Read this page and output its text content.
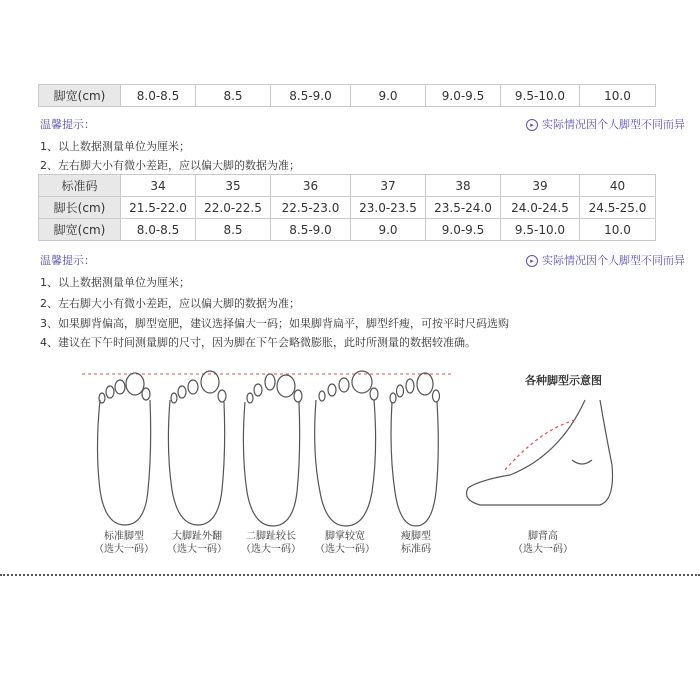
脚宽(cm)	8.0-8.5	8.5	8.5-9.0	9.0	9.0-9.5	9.5-10.0	10.0
温馨提示：	▸ 实际情况因个人脚型不同而异
1、以上数据测量单位为厘米；
2、左右脚大小有微小差距，应以偏大脚的数据为准；
标准码	34	35	36	37	38	39	40
脚长(cm)	21.5-22.0	22.0-22.5	22.5-23.0	23.0-23.5	23.5-24.0	24.0-24.5	24.5-25.0
脚宽(cm)	8.0-8.5	8.5	8.5-9.0	9.0	9.0-9.5	9.5-10.0	10.0
温馨提示：	▸ 实际情况因个人脚型不同而异
1、以上数据测量单位为厘米；
2、左右脚大小有微小差距，应以偏大脚的数据为准；
3、如果脚背偏高，脚型宽肥，建议选择偏大一码；如果脚背扁平，脚型纤瘦，可按平时尺码选购
4、建议在下午时间测量脚的尺寸，因为脚在下午会略微膨胀，此时所测量的数据较准确。
各种脚型示意图
标准脚型
（选大一码）
大脚趾外翻
（选大一码）
二脚趾较长
（选大一码）
脚掌较宽
（选大一码）
瘦脚型
标准码
脚背高
（选大一码）
